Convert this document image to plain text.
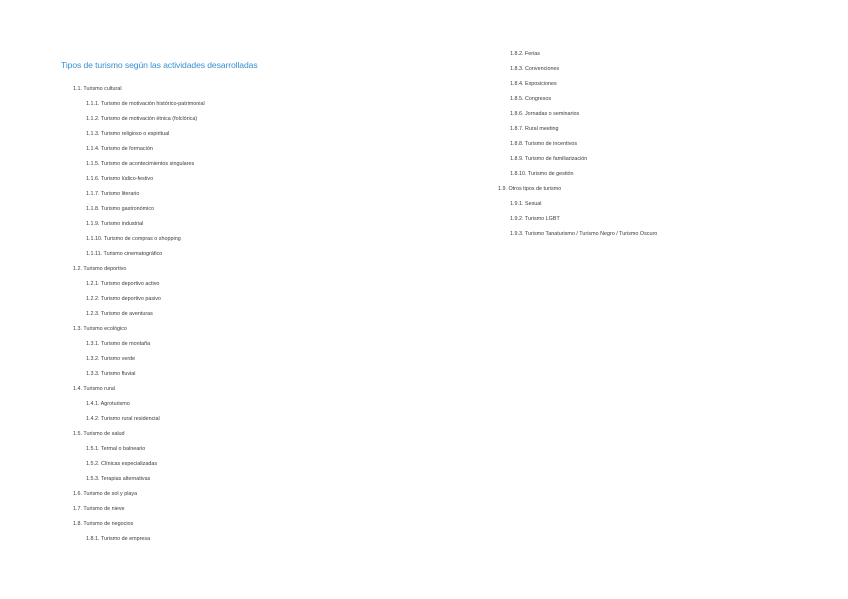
Tipos de turismo según las actividades desarrolladas
1.1. Turismo cultural
1.1.1. Turismo de motivación histórico-patrimonial
1.1.2. Turismo de motivación étnica (folclórica)
1.1.3. Turismo religioso o espiritual
1.1.4. Turismo de formación
1.1.5. Turismo de acontecimientos singulares
1.1.6. Turismo lúdico-festivo
1.1.7. Turismo literario
1.1.8. Turismo gastronómico
1.1.9. Turismo industrial
1.1.10. Turismo de compras o shopping
1.1.11. Turismo cinematográfico
1.2. Turismo deportivo
1.2.1. Turismo deportivo activo
1.2.2. Turismo deportivo pasivo
1.2.3. Turismo de aventuras
1.3. Turismo ecológico
1.3.1. Turismo de montaña
1.3.2. Turismo verde
1.3.3. Turismo fluvial
1.4. Turismo rural
1.4.1. Agroturismo
1.4.2. Turismo rural residencial
1.5. Turismo de salud
1.5.1. Termal o balneario
1.5.2. Clínicas especializadas
1.5.3. Terapias alternativas
1.6. Turismo de sol y playa
1.7. Turismo de nieve
1.8. Turismo de negocios
1.8.1. Turismo de empresa
1.8.2. Ferias
1.8.3. Convenciones
1.8.4. Exposiciones
1.8.5. Congresos
1.8.6. Jornadas o seminarios
1.8.7. Rural meeting
1.8.8. Turismo de incentivos
1.8.9. Turismo de familiarización
1.8.10. Turismo de gestión
1.9. Otros tipos de turismo
1.9.1. Sexual
1.9.2. Turismo LGBT
1.9.3. Turismo Tanaturismo / Turismo Negro / Turismo Oscuro
